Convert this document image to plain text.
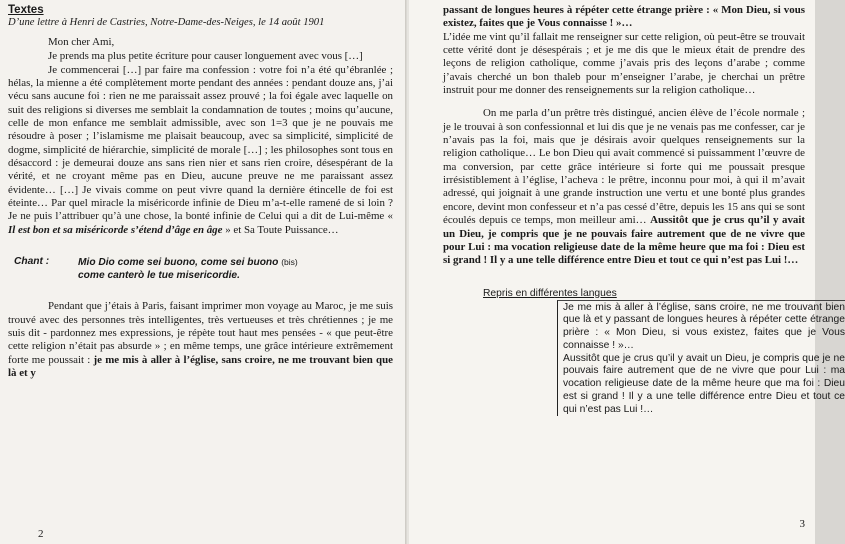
Textes
D’une lettre à Henri de Castries, Notre-Dame-des-Neiges, le 14 août 1901

Mon cher Ami,

Je prends ma plus petite écriture pour causer longuement avec vous […]

Je commencerai […] par faire ma confession : votre foi n’a été qu’ébranlée ; hélas, la mienne a été complètement morte pendant des années : pendant douze ans, j’ai vécu sans aucune foi : rien ne me paraissait assez prouvé ; la foi égale avec laquelle on suit des religions si diverses me semblait la condamnation de toutes ; moins qu’aucune, celle de mon enfance me semblait admissible, avec son 1=3 que je ne pouvais me résoudre à poser ; l’islamisme me plaisait beaucoup, avec sa simplicité, simplicité de dogme, simplicité de hiérarchie, simplicité de morale […] ; les philosophes sont tous en désaccord : je demeurai douze ans sans rien nier et sans rien croire, désespérant de la vérité, et ne croyant même pas en Dieu, aucune preuve ne me paraissant assez évidente… […] Je vivais comme on peut vivre quand la dernière étincelle de foi est éteinte… Par quel miracle la miséricorde infinie de Dieu m’a-t-elle ramené de si loin ? Je ne puis l’attribuer qu’à une chose, la bonté infinie de Celui qui a dit de Lui-même « Il est bon et sa miséricorde s’étend d’âge en âge » et Sa Toute Puissance…

Chant :	Mio Dio come sei buono, come sei buono (bis)
come canterò le tue misericordie.

Pendant que j’étais à Paris, faisant imprimer mon voyage au Maroc, je me suis trouvé avec des personnes très intelligentes, très vertueuses et très chrétiennes ; je me suis dit - pardonnez mes expressions, je répète tout haut mes pensées - « que peut-être cette religion n’était pas absurde » ; en même temps, une grâce intérieure extrêmement forte me poussait : je me mis à aller à l’église, sans croire, ne me trouvant bien que là et y

2

passant de longues heures à répéter cette étrange prière : « Mon Dieu, si vous existez, faites que je Vous connaisse ! »…

L’idée me vint qu’il fallait me renseigner sur cette religion, où peut-être se trouvait cette vérité dont je désespérais ; et je me dis que le mieux était de prendre des leçons de religion catholique, comme j’avais pris des leçons d’arabe ; comme j’avais cherché un bon thaleb pour m’enseigner l’arabe, je cherchai un prêtre instruit pour me donner des renseignements sur la religion catholique…

On me parla d’un prêtre très distingué, ancien élève de l’école normale ; je le trouvai à son confessionnal et lui dis que je ne venais pas me confesser, car je n’avais pas la foi, mais que je désirais avoir quelques renseignements sur la religion catholique… Le bon Dieu qui avait commencé si puissamment l’œuvre de ma conversion, par cette grâce intérieure si forte qui me poussait presque irrésistiblement à l’église, l’acheva : le prêtre, inconnu pour moi, à qui il m’avait adressé, qui joignait à une grande instruction une vertu et une bonté plus grandes encore, devint mon confesseur et n’a pas cessé d’être, depuis les 15 ans qui se sont écoulés depuis ce temps, mon meilleur ami… Aussitôt que je crus qu’il y avait un Dieu, je compris que je ne pouvais faire autrement que de ne vivre que pour Lui : ma vocation religieuse date de la même heure que ma foi : Dieu est si grand ! Il y a une telle différence entre Dieu et tout ce qui n’est pas Lui !…

Repris en différentes langues

Je me mis à aller à l’église, sans croire, ne me trouvant bien que là et y passant de longues heures à répéter cette étrange prière : « Mon Dieu, si vous existez, faites que je Vous connaisse ! »…

Aussitôt que je crus qu’il y avait un Dieu, je compris que je ne pouvais faire autrement que de ne vivre que pour Lui : ma vocation religieuse date de la même heure que ma foi : Dieu est si grand ! Il y a une telle différence entre Dieu et tout ce qui n’est pas Lui !…

3
